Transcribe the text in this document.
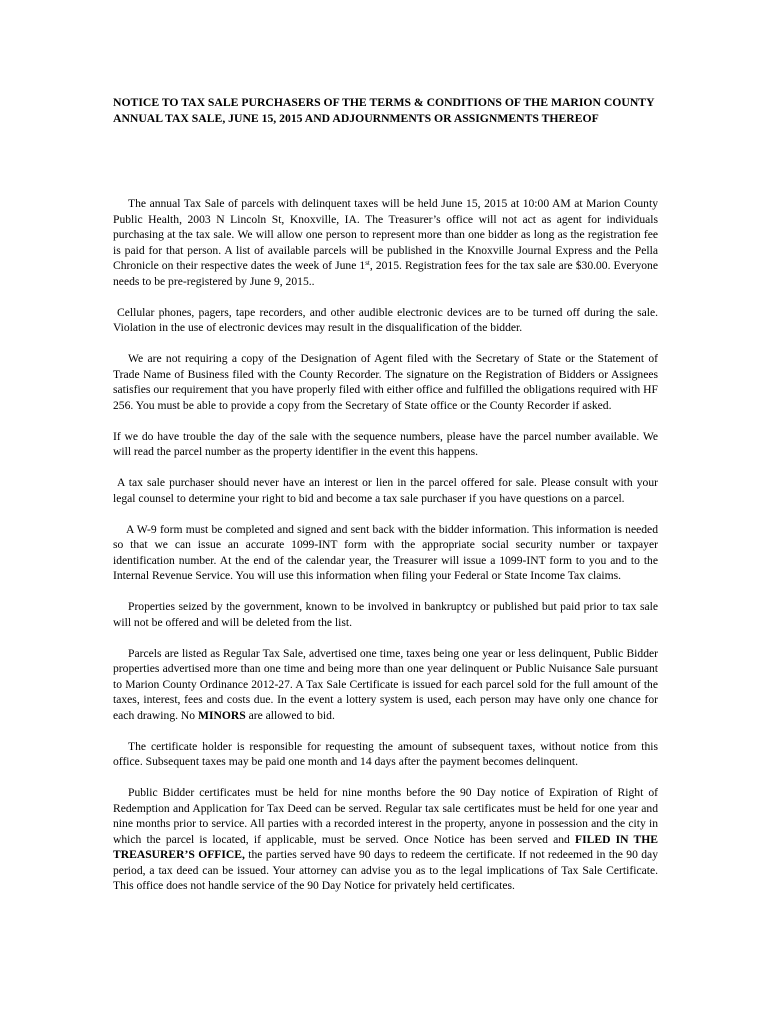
NOTICE TO TAX SALE PURCHASERS OF THE TERMS & CONDITIONS OF THE MARION COUNTY ANNUAL TAX SALE, JUNE 15, 2015 AND ADJOURNMENTS OR ASSIGNMENTS THEREOF

The annual Tax Sale of parcels with delinquent taxes will be held June 15, 2015 at 10:00 AM at Marion County Public Health, 2003 N Lincoln St, Knoxville, IA. The Treasurer’s office will not act as agent for individuals purchasing at the tax sale. We will allow one person to represent more than one bidder as long as the registration fee is paid for that person. A list of available parcels will be published in the Knoxville Journal Express and the Pella Chronicle on their respective dates the week of June 1st, 2015. Registration fees for the tax sale are $30.00. Everyone needs to be pre-registered by June 9, 2015..

Cellular phones, pagers, tape recorders, and other audible electronic devices are to be turned off during the sale. Violation in the use of electronic devices may result in the disqualification of the bidder.

We are not requiring a copy of the Designation of Agent filed with the Secretary of State or the Statement of Trade Name of Business filed with the County Recorder. The signature on the Registration of Bidders or Assignees satisfies our requirement that you have properly filed with either office and fulfilled the obligations required with HF 256. You must be able to provide a copy from the Secretary of State office or the County Recorder if asked.

If we do have trouble the day of the sale with the sequence numbers, please have the parcel number available. We will read the parcel number as the property identifier in the event this happens.

A tax sale purchaser should never have an interest or lien in the parcel offered for sale. Please consult with your legal counsel to determine your right to bid and become a tax sale purchaser if you have questions on a parcel.

A W-9 form must be completed and signed and sent back with the bidder information. This information is needed so that we can issue an accurate 1099-INT form with the appropriate social security number or taxpayer identification number. At the end of the calendar year, the Treasurer will issue a 1099-INT form to you and to the Internal Revenue Service. You will use this information when filing your Federal or State Income Tax claims.

Properties seized by the government, known to be involved in bankruptcy or published but paid prior to tax sale will not be offered and will be deleted from the list.

Parcels are listed as Regular Tax Sale, advertised one time, taxes being one year or less delinquent, Public Bidder properties advertised more than one time and being more than one year delinquent or Public Nuisance Sale pursuant to Marion County Ordinance 2012-27. A Tax Sale Certificate is issued for each parcel sold for the full amount of the taxes, interest, fees and costs due. In the event a lottery system is used, each person may have only one chance for each drawing. No MINORS are allowed to bid.

The certificate holder is responsible for requesting the amount of subsequent taxes, without notice from this office. Subsequent taxes may be paid one month and 14 days after the payment becomes delinquent.

Public Bidder certificates must be held for nine months before the 90 Day notice of Expiration of Right of Redemption and Application for Tax Deed can be served. Regular tax sale certificates must be held for one year and nine months prior to service. All parties with a recorded interest in the property, anyone in possession and the city in which the parcel is located, if applicable, must be served. Once Notice has been served and FILED IN THE TREASURER’S OFFICE, the parties served have 90 days to redeem the certificate. If not redeemed in the 90 day period, a tax deed can be issued. Your attorney can advise you as to the legal implications of Tax Sale Certificate. This office does not handle service of the 90 Day Notice for privately held certificates.
